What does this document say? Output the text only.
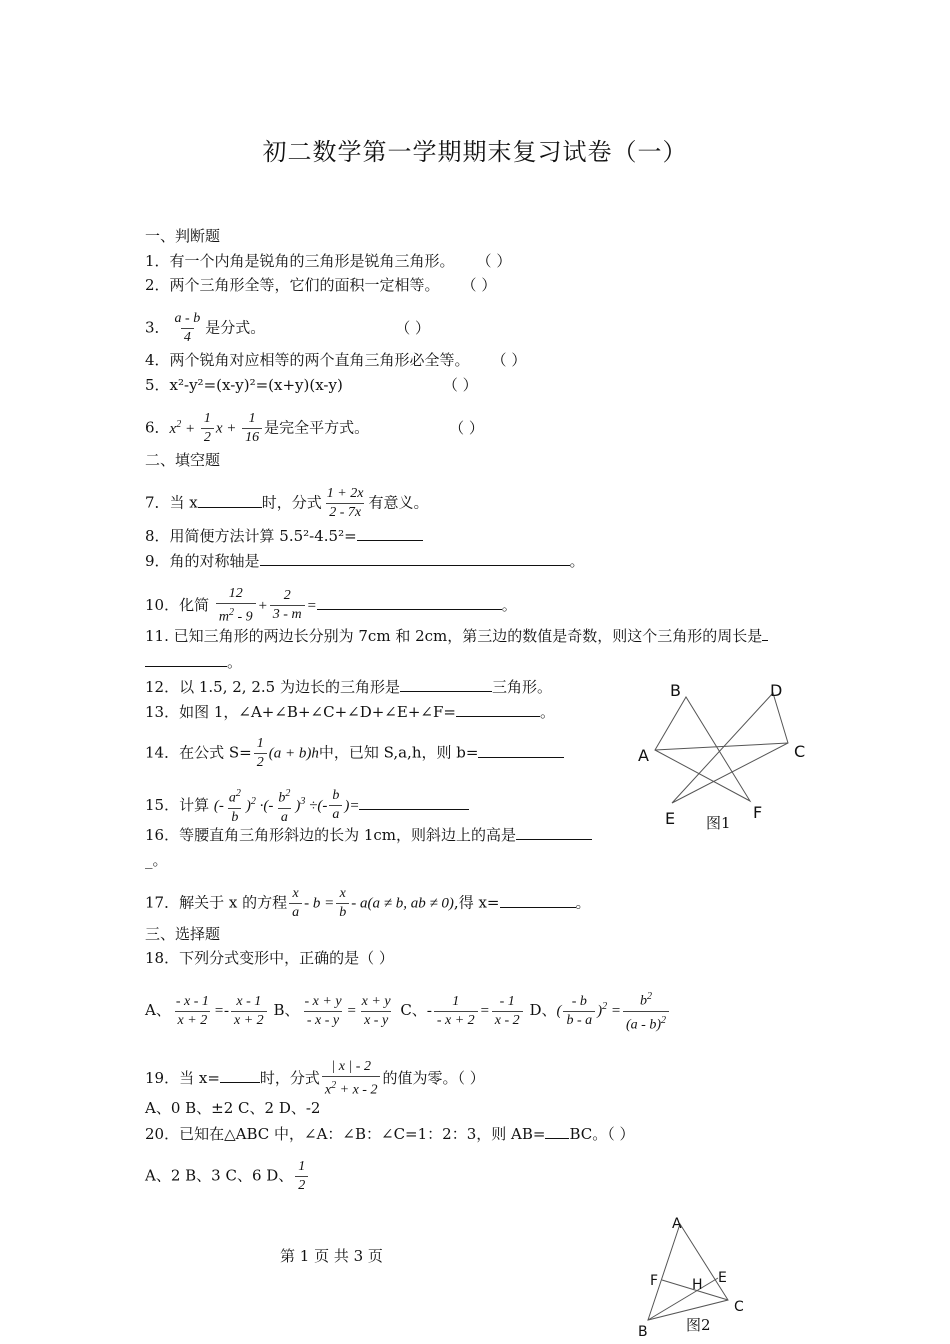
初二数学第一学期期末复习试卷（一）
一、判断题
1．有一个内角是锐角的三角形是锐角三角形。 （ ）
2．两个三角形全等，它们的面积一定相等。 （ ）
3． $\frac{a - b}{4}$ 是分式。	（ ）
4．两个锐角对应相等的两个直角三角形必全等。 （ ）
5．x²-y²=(x-y)²=(x+y)(x-y)	（ ）
6．$x^2 + \frac{1}{2}$ $x + \frac{1}{16}$ 是完全平方式。	（ ）
二、填空题
7．当 x	时，分式 $\frac{1 + 2x}{2 - 7x}$ 有意义。
8．用简便方法计算 5.5²-4.5²=
9．角的对称轴是	。
10．化简 $\frac{12}{m^2 - 9} + \frac{2}{3 - m}$ =	。
11. 已知三角形的两边长分别为 7cm 和 2cm，第三边的数值是奇数，则这个三角形的周长是
。
12．以 1.5, 2, 2.5 为边长的三角形是	三角形。
13．如图 1，∠A+∠B+∠C+∠D+∠E+∠F=	。
14．在公式 $S= \frac{1}{2} (a + b)h$中，已知 S,a,h，则 b=
15．计算 (- $\frac{a^2}{b} )^2$ ·(- $\frac{b^2}{a} )^3$ ÷(- $\frac{b}{a}$ )=
16．等腰直角三角形斜边的长为 1cm，则斜边上的高是
_。
17．解关于 x 的方程 $\frac{x}{a} - b = \frac{x}{b} - a(a \ne b$, ab ≠ 0),得 x=	。
三、选择题
18．下列分式变形中，正确的是（ ）
A、 $\frac{- x - 1}{x + 2} =- \frac{x - 1}{x + 2}$ B、 $\frac{- x + y}{- x - y} = \frac{x + y}{x - y}$ C、- $\frac{1}{- x + 2} = \frac{- 1}{x - 2}$ D、( $\frac{- b}{b - a} )^2 = \frac{b^2}{(a - b)^2}$
19．当 x=	时，分式 $\frac{| x | - 2}{x^2 + x - 2}$ 的值为零。（ ）
A、0 B、±2 C、2 D、-2
20．已知在△ABC 中，∠A：∠B：∠C=1：2：3，则 AB= BC。（ ）
A、2 B、3 C、6 D、 $\frac{1}{2}$
第 1 页 共 3 页
B	D
A	C
E	F
图1
A
F H E
C
B	图2
